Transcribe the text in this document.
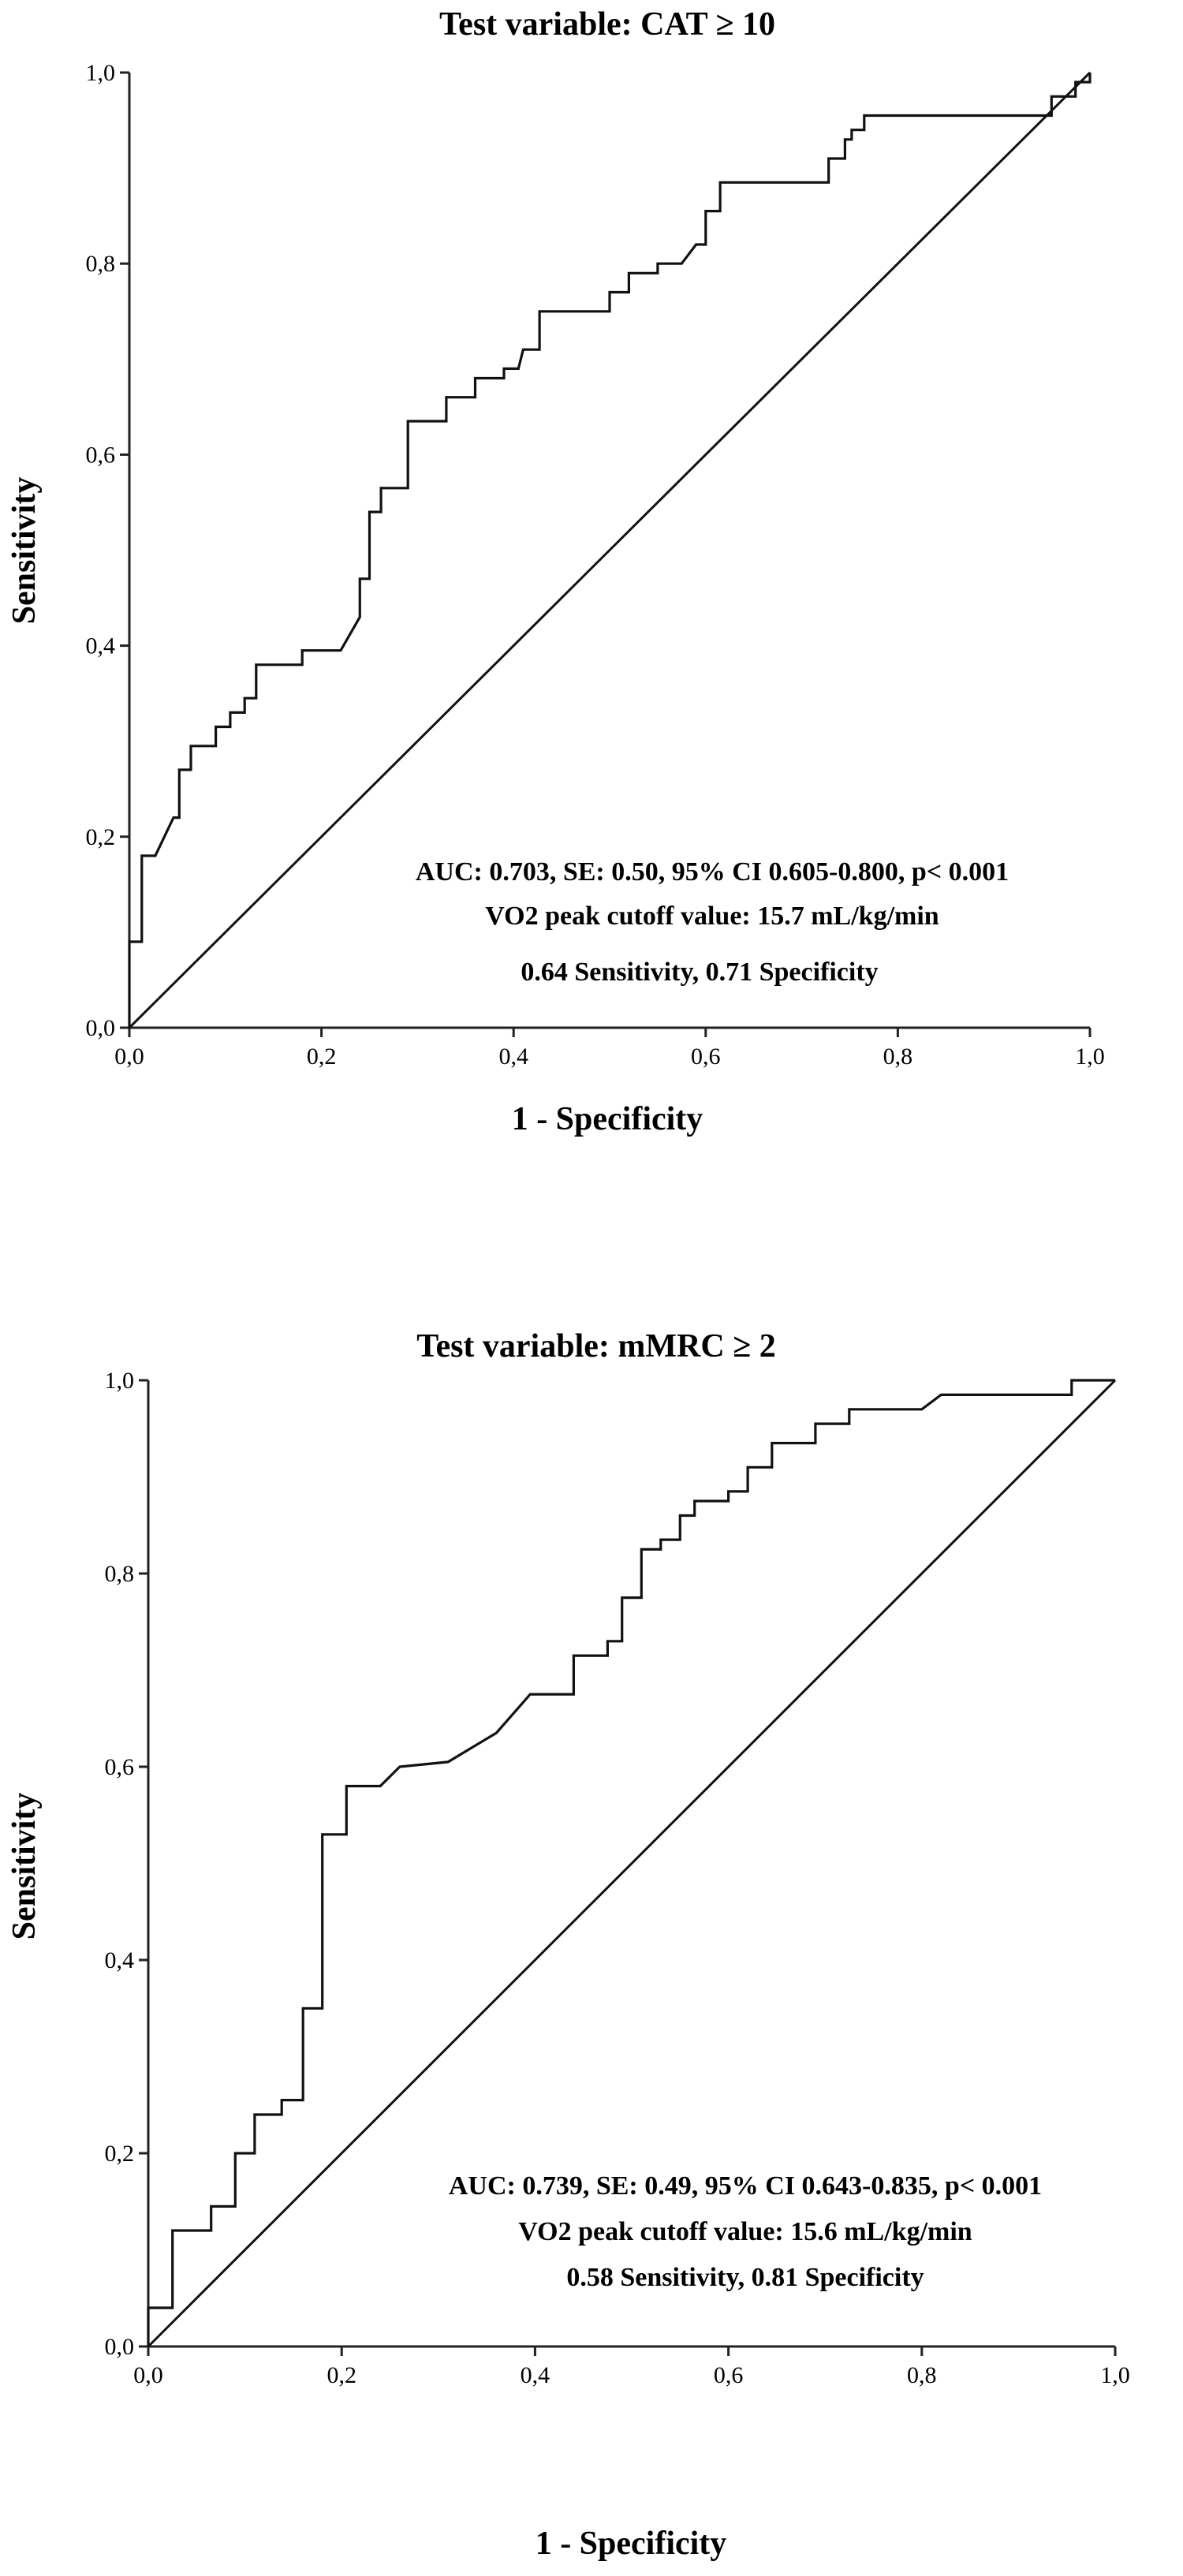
Test variable: CAT ≥ 10
Sensitivity
1 - Specificity
0,0	0,2	0,4	0,6	0,8	1,0
0,0
0,2
0,4
0,6
0,8
1,0
AUC: 0.703, SE: 0.50, 95% CI 0.605-0.800, p< 0.001
VO2 peak cutoff value: 15.7 mL/kg/min
0.64 Sensitivity, 0.71 Specificity
Test variable: mMRC ≥ 2
Sensitivity
1 - Specificity
0,0	0,2	0,4	0,6	0,8	1,0
0,0
0,2
0,4
0,6
0,8
1,0
AUC: 0.739, SE: 0.49, 95% CI 0.643-0.835, p< 0.001
VO2 peak cutoff value: 15.6 mL/kg/min
0.58 Sensitivity, 0.81 Specificity
